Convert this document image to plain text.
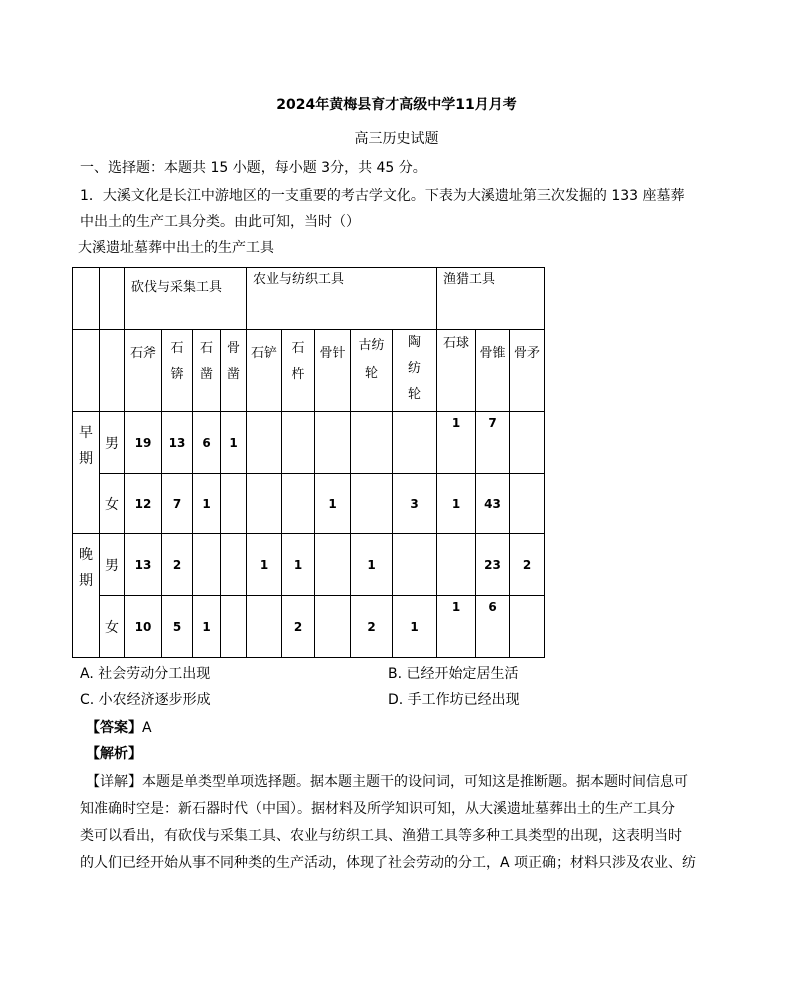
2024年黄梅县育才高级中学11月月考
高三历史试题
一、选择题：本题共 15 小题，每小题 3分，共 45 分。
1．大溪文化是长江中游地区的一支重要的考古学文化。下表为大溪遗址第三次发掘的 133 座墓葬
中出土的生产工具分类。由此可知，当时（）
大溪遗址墓葬中出土的生产工具
		砍伐与采集工具				农业与纺织工具					渔猎工具		
		石斧	石锛	石凿	骨凿	石铲	石杵	骨针	古纺轮	陶纺轮	石球	骨锥	骨矛
早期	男	19	13	6	1						1	7	
	女	12	7	1				1		3	1	43	
晚期	男	13	2			1	1		1			23	2
	女	10	5	1			2		2	1	1	6	
A. 社会劳动分工出现	B. 已经开始定居生活
C. 小农经济逐步形成	D. 手工作坊已经出现
【答案】A
【解析】
【详解】本题是单类型单项选择题。据本题主题干的设问词，可知这是推断题。据本题时间信息可
知准确时空是：新石器时代（中国）。据材料及所学知识可知，从大溪遗址墓葬出土的生产工具分
类可以看出，有砍伐与采集工具、农业与纺织工具、渔猎工具等多种工具类型的出现，这表明当时
的人们已经开始从事不同种类的生产活动，体现了社会劳动的分工，A 项正确；材料只涉及农业、纺
